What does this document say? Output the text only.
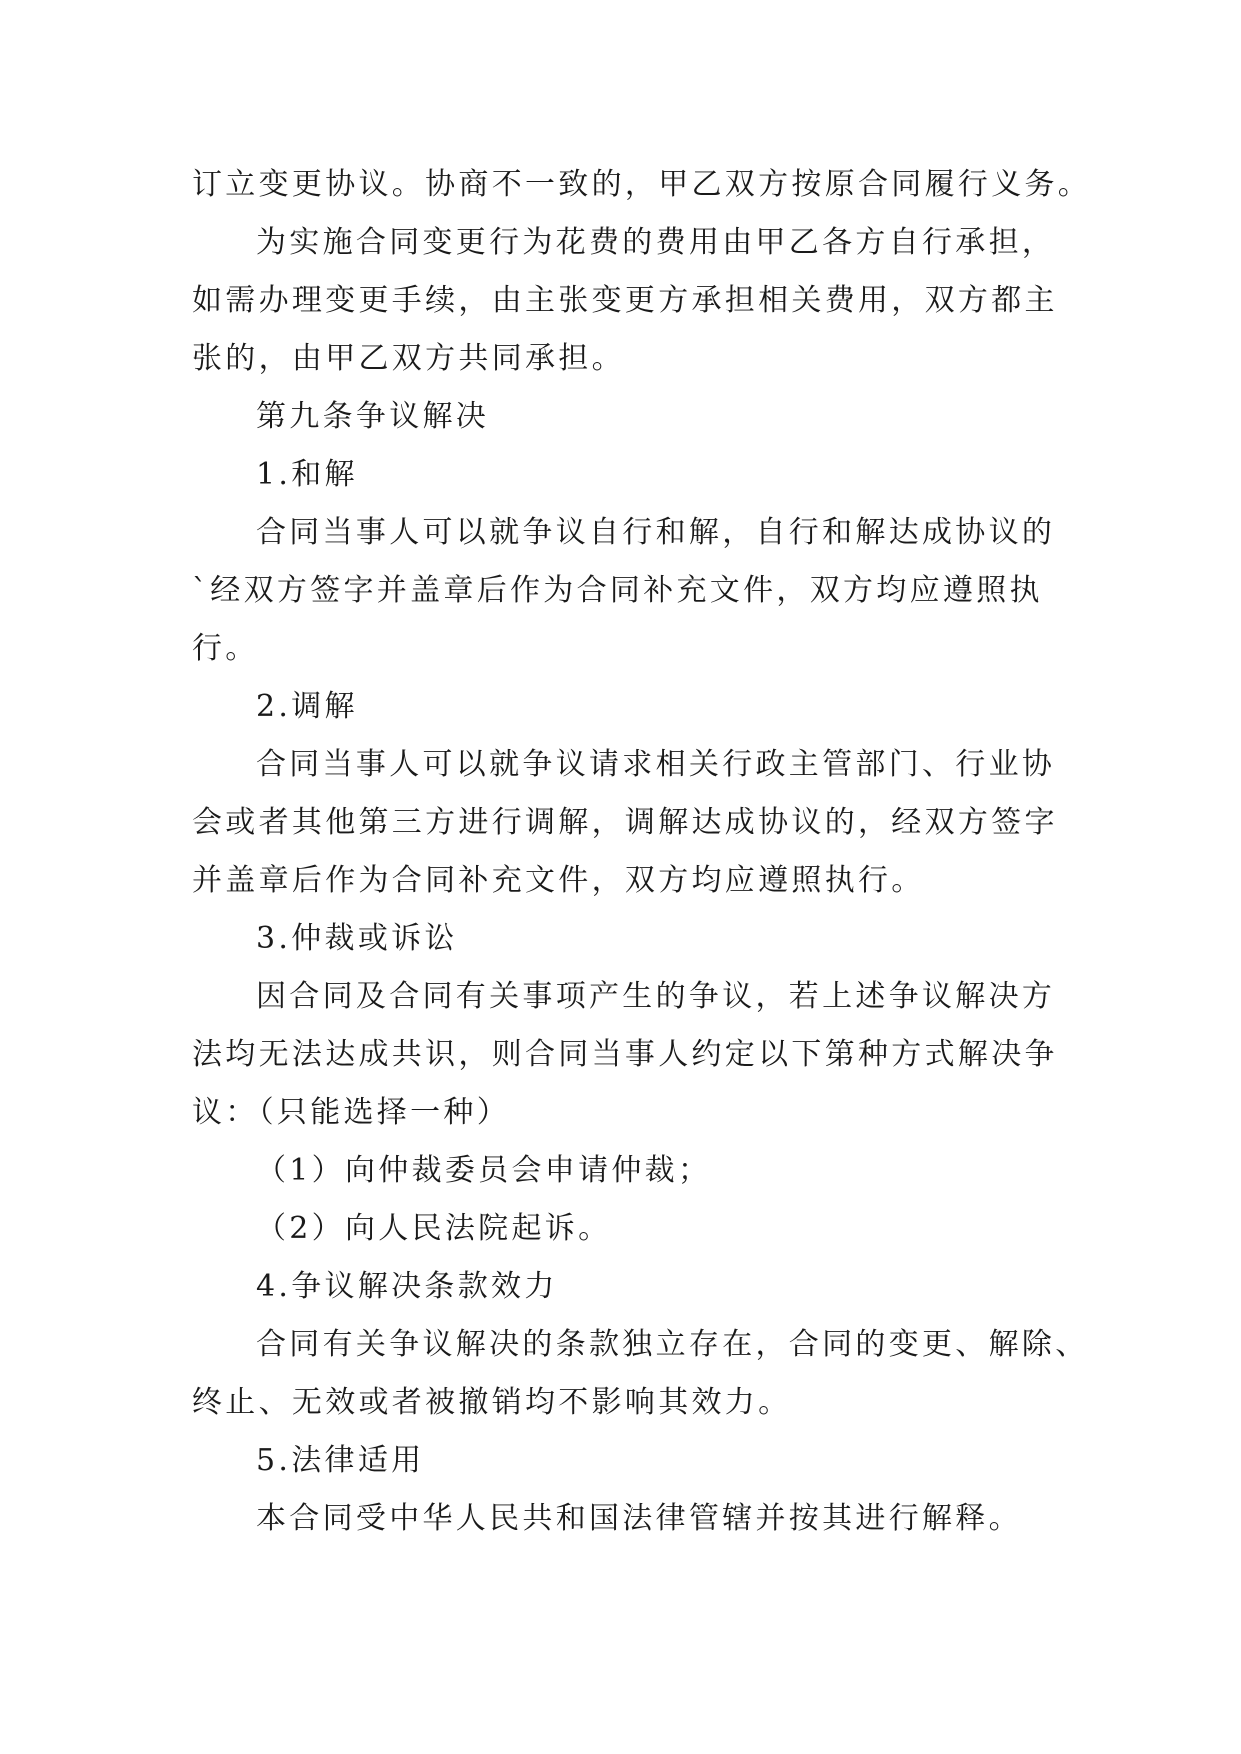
订立变更协议。协商不一致的，甲乙双方按原合同履行义务。

为实施合同变更行为花费的费用由甲乙各方自行承担，
如需办理变更手续，由主张变更方承担相关费用，双方都主
张的，由甲乙双方共同承担。

第九条争议解决

1.和解

合同当事人可以就争议自行和解，自行和解达成协议的
`经双方签字并盖章后作为合同补充文件，双方均应遵照执
行。

2.调解

合同当事人可以就争议请求相关行政主管部门、行业协
会或者其他第三方进行调解，调解达成协议的，经双方签字
并盖章后作为合同补充文件，双方均应遵照执行。

3.仲裁或诉讼

因合同及合同有关事项产生的争议，若上述争议解决方
法均无法达成共识，则合同当事人约定以下第种方式解决争
议：（只能选择一种）

（1）向仲裁委员会申请仲裁；

（2）向人民法院起诉。

4.争议解决条款效力

合同有关争议解决的条款独立存在，合同的变更、解除、
终止、无效或者被撤销均不影响其效力。

5.法律适用

本合同受中华人民共和国法律管辖并按其进行解释。
